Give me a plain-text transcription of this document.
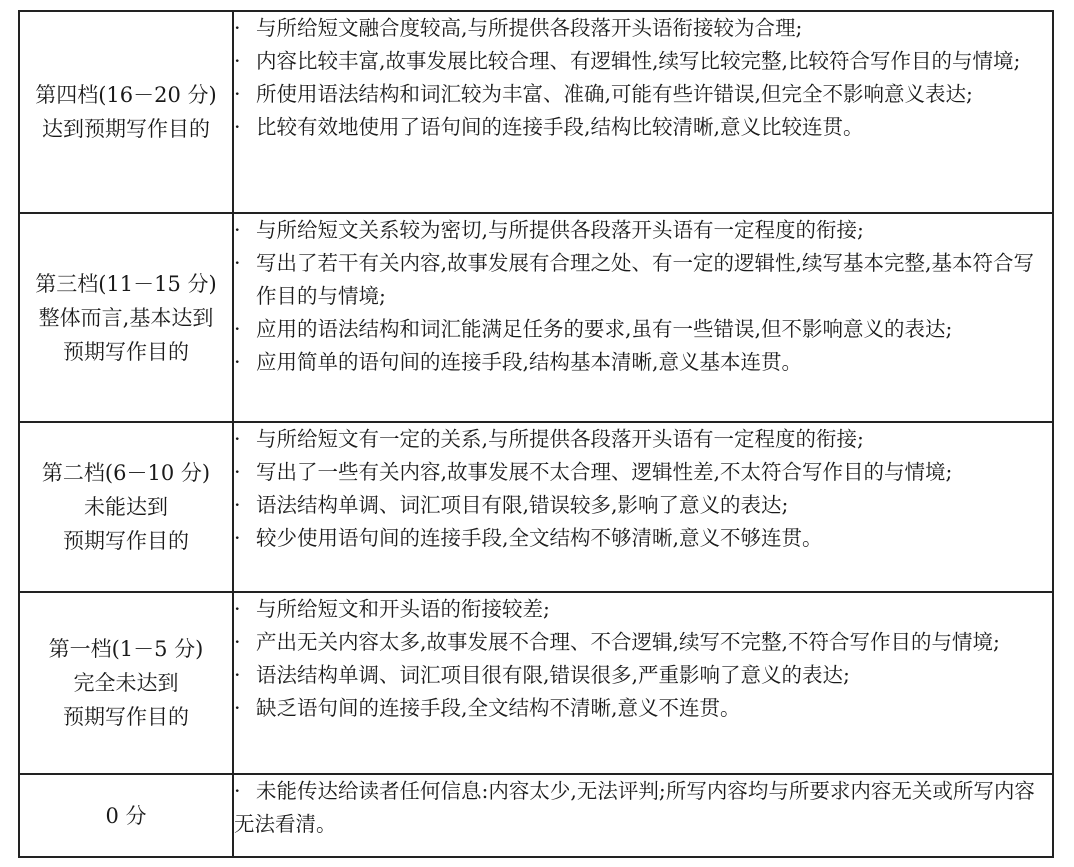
第四档(16－20 分)
达到预期写作目的	· 与所给短文融合度较高,与所提供各段落开头语衔接较为合理;
· 内容比较丰富,故事发展比较合理、有逻辑性,续写比较完整,比较符合写作目的与情境;
· 所使用语法结构和词汇较为丰富、准确,可能有些许错误,但完全不影响意义表达;
· 比较有效地使用了语句间的连接手段,结构比较清晰,意义比较连贯。

第三档(11－15 分)
整体而言,基本达到
预期写作目的	· 与所给短文关系较为密切,与所提供各段落开头语有一定程度的衔接;
· 写出了若干有关内容,故事发展有合理之处、有一定的逻辑性,续写基本完整,基本符合写作目的与情境;
· 应用的语法结构和词汇能满足任务的要求,虽有一些错误,但不影响意义的表达;
· 应用简单的语句间的连接手段,结构基本清晰,意义基本连贯。

第二档(6－10 分)
未能达到
预期写作目的	· 与所给短文有一定的关系,与所提供各段落开头语有一定程度的衔接;
· 写出了一些有关内容,故事发展不太合理、逻辑性差,不太符合写作目的与情境;
· 语法结构单调、词汇项目有限,错误较多,影响了意义的表达;
· 较少使用语句间的连接手段,全文结构不够清晰,意义不够连贯。

第一档(1－5 分)
完全未达到
预期写作目的	· 与所给短文和开头语的衔接较差;
· 产出无关内容太多,故事发展不合理、不合逻辑,续写不完整,不符合写作目的与情境;
· 语法结构单调、词汇项目很有限,错误很多,严重影响了意义的表达;
· 缺乏语句间的连接手段,全文结构不清晰,意义不连贯。

0 分	· 未能传达给读者任何信息:内容太少,无法评判;所写内容均与所要求内容无关或所写内容无法看清。
